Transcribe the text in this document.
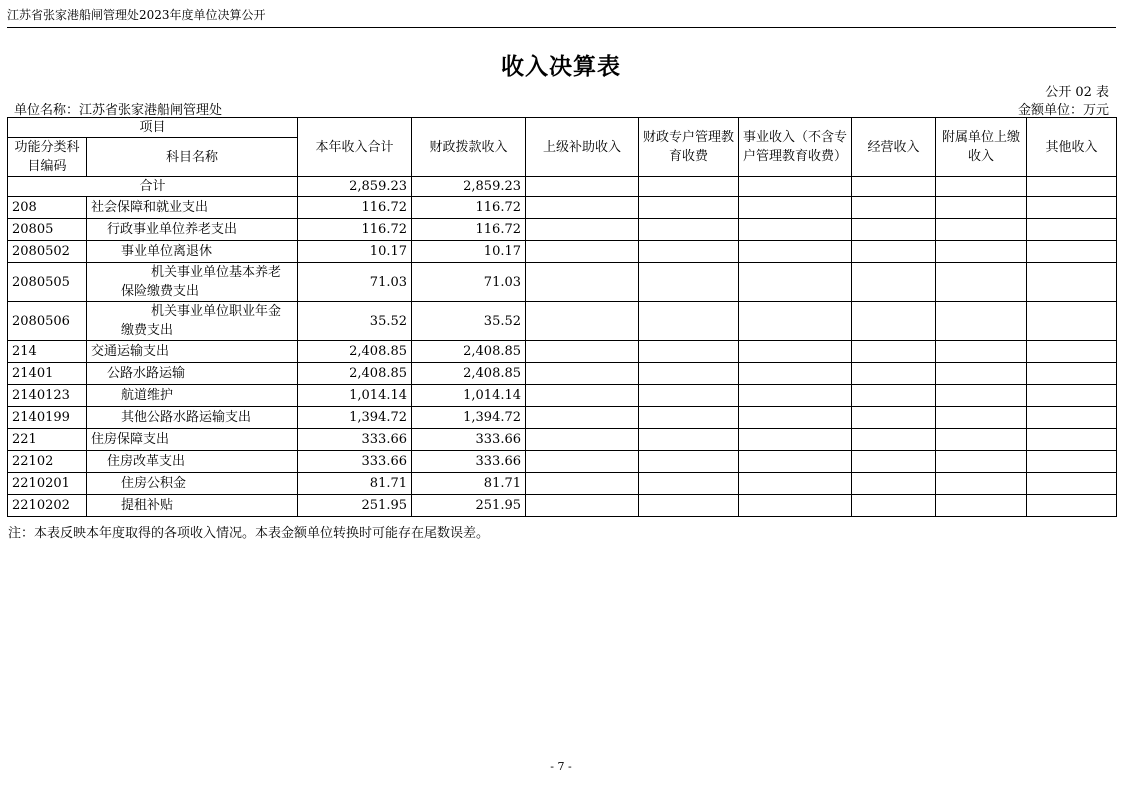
江苏省张家港船闸管理处2023年度单位决算公开
收入决算表
公开 02 表
单位名称：江苏省张家港船闸管理处	金额单位：万元
项目		本年收入合计	财政拨款收入	上级补助收入	财政专户管理教育收费	事业收入（不含专户管理教育收费）	经营收入	附属单位上缴收入	其他收入
功能分类科目编码	科目名称								
合计		2,859.23	2,859.23						
208	社会保障和就业支出	116.72	116.72						
20805	行政事业单位养老支出	116.72	116.72						
2080502	事业单位离退休	10.17	10.17						
2080505	机关事业单位基本养老保险缴费支出	71.03	71.03						
2080506	机关事业单位职业年金缴费支出	35.52	35.52						
214	交通运输支出	2,408.85	2,408.85						
21401	公路水路运输	2,408.85	2,408.85						
2140123	航道维护	1,014.14	1,014.14						
2140199	其他公路水路运输支出	1,394.72	1,394.72						
221	住房保障支出	333.66	333.66						
22102	住房改革支出	333.66	333.66						
2210201	住房公积金	81.71	81.71						
2210202	提租补贴	251.95	251.95						
注：本表反映本年度取得的各项收入情况。本表金额单位转换时可能存在尾数误差。
- 7 -
